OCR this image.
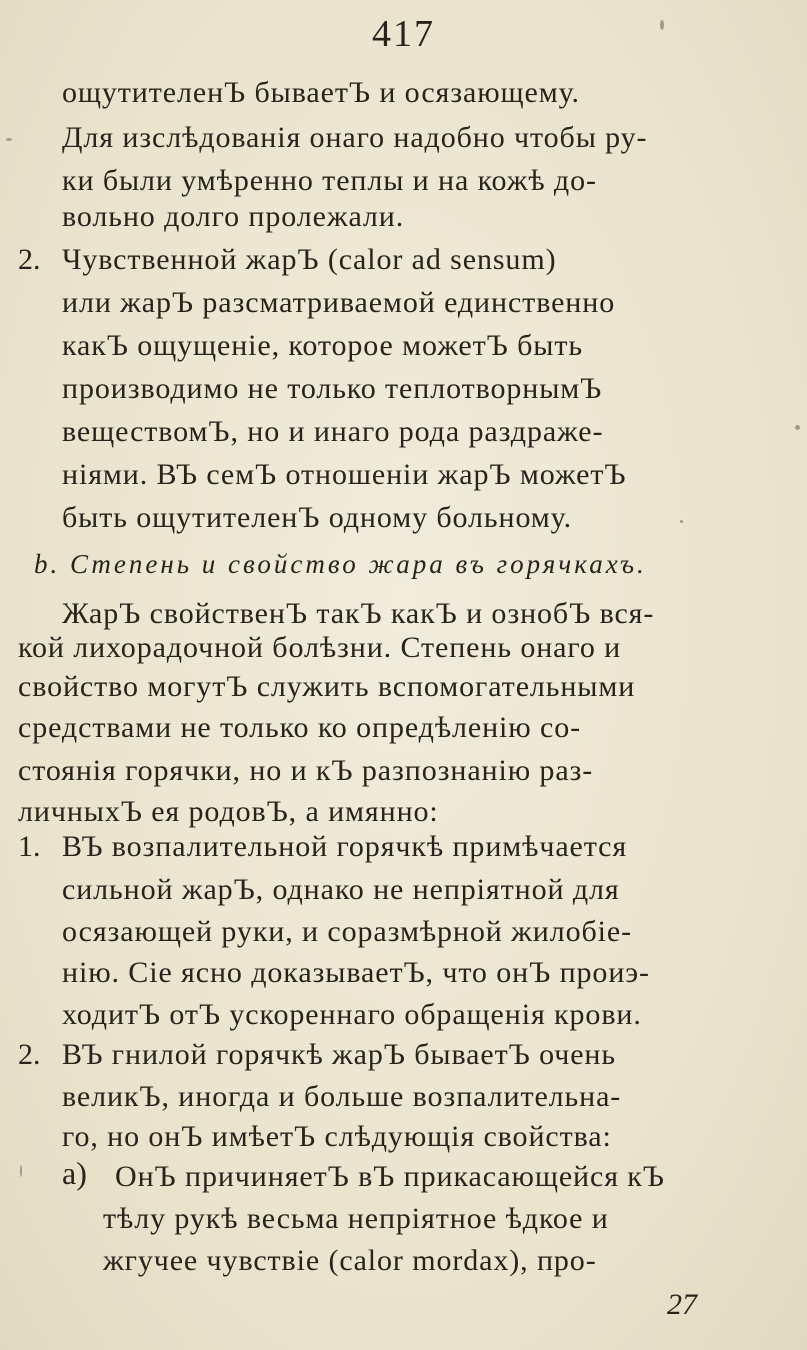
417
ощутителенЪ бываетЪ и осязающему.
Для изслѣдованія онаго надобно чтобы ру-
ки были умѣренно теплы и на кожѣ до-
вольно долго пролежали.
2. Чувственной жарЪ (calor ad sensum)
или жарЪ разсматриваемой единственно
какЪ ощущеніе, которое можетЪ быть
производимо не только теплотворнымЪ
веществомЪ, но и инаго рода раздраже-
ніями. ВЪ семЪ отношеніи жарЪ можетЪ
быть ощутителенЪ одному больному.
b. Степень и свойство жара въ горячкахъ.
ЖарЪ свойственЪ такЪ какЪ и ознобЪ вся-
кой лихорадочной болѣзни. Степень онаго и
свойство могутЪ служить вспомогательными
средствами не только ко опредѣленію со-
стоянія горячки, но и кЪ разпознанію раз-
личныхЪ ея родовЪ, а имянно:
1. ВЪ возпалительной горячкѣ примѣчается
сильной жарЪ, однако не непріятной для
осязающей руки, и соразмѣрной жилобіе-
нію. Сіе ясно доказываетЪ, что онЪ проиэ-
ходитЪ отЪ ускореннаго обращенія крови.
2. ВЪ гнилой горячкѣ жарЪ бываетЪ очень
великЪ, иногда и больше возпалительна-
го, но онЪ имѣетЪ слѣдующія свойства:
a) ОнЪ причиняетЪ вЪ прикасающейся кЪ
тѣлу рукѣ весьма непріятное ѣдкое и
жгучее чувствіе (calor mordax), про-
27
